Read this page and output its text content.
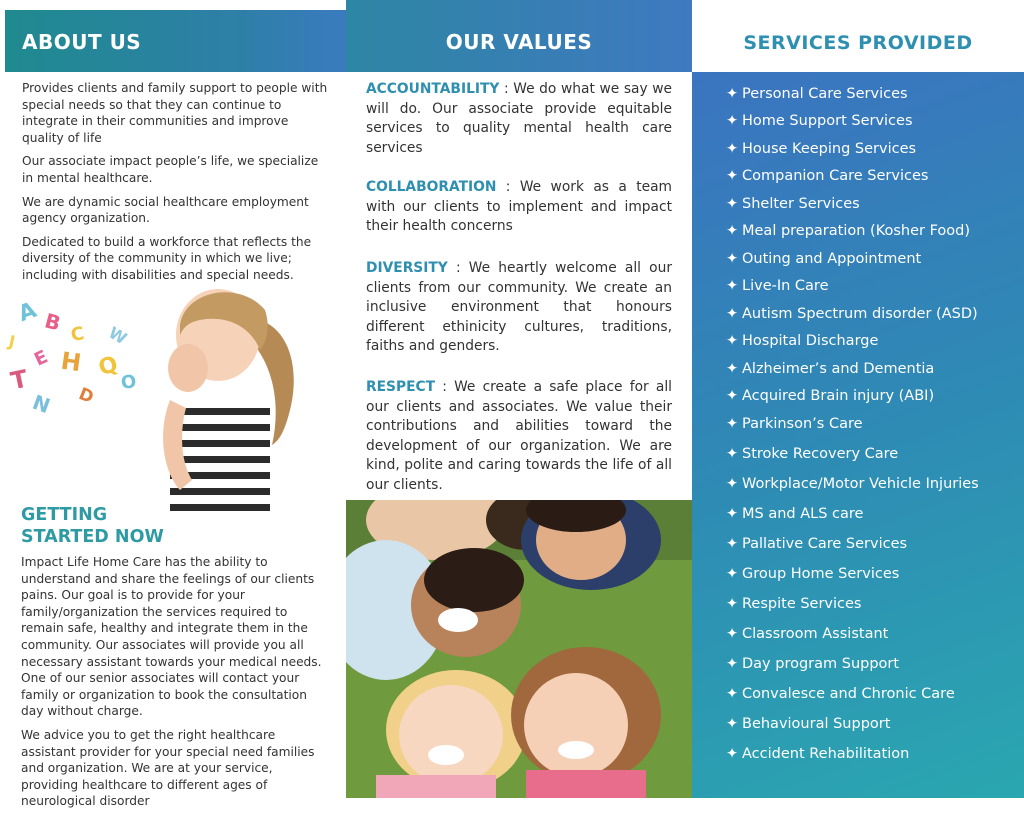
ABOUT US

Provides clients and family support to people with special needs so that they can continue to integrate in their communities and improve quality of life

Our associate impact people’s life, we specialize in mental healthcare.

We are dynamic social healthcare employment agency organization.

Dedicated to build a workforce that reflects the diversity of the community in which we live; including with disabilities and special needs.

A B C
H Q
T
N
W
E
J
O
D
GETTING
STARTED NOW

Impact Life Home Care has the ability to understand and share the feelings of our clients pains. Our goal is to provide for your family/organization the services required to remain safe, healthy and integrate them in the community. Our associates will provide you all necessary assistant towards your medical needs. One of our senior associates will contact your family or organization to book the consultation day without charge.

We advice you to get the right healthcare assistant provider for your special need families and organization. We are at your service, providing healthcare to different ages of neurological disorder

OUR VALUES
ACCOUNTABILITY : We do what we say we will do. Our associate provide equitable services to quality mental health care services
COLLABORATION : We work as a team with our clients to implement and impact their health concerns
DIVERSITY : We heartly welcome all our clients from our community. We create an inclusive environment that honours different ethinicity cultures, traditions, faiths and genders.
RESPECT : We create a safe place for all our clients and associates. We value their contributions and abilities toward the development of our organization. We are kind, polite and caring towards the life of all our clients.
SERVICES PROVIDED
✦ Personal Care Services
✦ Home Support Services
✦ House Keeping Services
✦ Companion Care Services
✦ Shelter Services
✦ Meal preparation (Kosher Food)
✦ Outing and Appointment
✦ Live-In Care
✦ Autism Spectrum disorder (ASD)
✦ Hospital Discharge
✦ Alzheimer’s and Dementia
✦ Acquired Brain injury (ABI)
✦ Parkinson’s Care
✦ Stroke Recovery Care
✦ Workplace/Motor Vehicle Injuries
✦ MS and ALS care
✦ Pallative Care Services
✦ Group Home Services
✦ Respite Services
✦ Classroom Assistant
✦ Day program Support
✦ Convalesce and Chronic Care
✦ Behavioural Support
✦ Accident Rehabilitation
